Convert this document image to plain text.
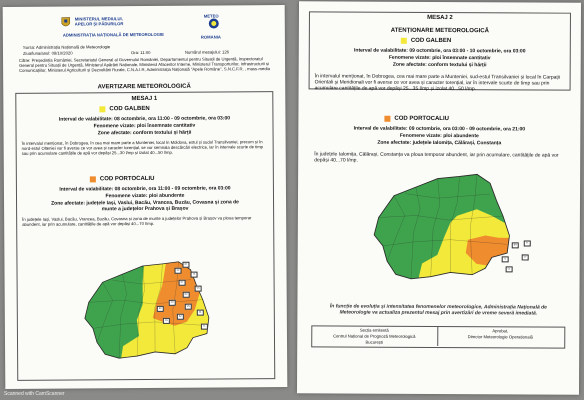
MINISTERUL MEDIULUI, APELOR ȘI PĂDURILOR
ADMINISTRAȚIA NAȚIONALĂ DE METEOROLOGIE
METEO
ROMANIA
Sursa: Administrația Națională de Meteorologie
Ziua/luna/anul: 08/10/2020	Ora: 11:00	Numărul mesajului: 126
Către: Președinția României, Secretariatul General al Guvernului României, Departamentul pentru Situații de Urgență, Inspectoratul General pentru Situații de Urgență, Ministerul Apărării Naționale, Ministerul Afacerilor Interne, Ministerul Transporturilor, Infrastructurii și Comunicațiilor, Ministerul Agriculturii și Dezvoltării Rurale, C.N.A.I.R, Administrația Națională "Apele Române", S.N.C.F.R. , mass-media
AVERTIZARE METEOROLOGICĂ
MESAJ 1
COD GALBEN
Interval de valabilitate: 08 octombrie, ora 11:00 - 09 octombrie, ora 03:00
Fenomene vizate: ploi însemnate cantitativ
Zone afectate: conform textului și hărții
În intervalul menționat, în Dobrogea, în cea mai mare parte a Munteniei, local în Moldova, estul și sudul Transilvaniei, precum și în nord-estul Olteniei vor fi averse ce vor avea și caracter torențial, se vor semnala descărcări electrice, iar în intervale scurte de timp sau prin acumulare cantitățile de apă vor depăși 25...30 l/mp și izolat 40...50 l/mp.
COD PORTOCALIU
Interval de valabilitate: 08 octombrie, ora 11:00 - 09 octombrie, ora 03:00
Fenomene vizate: ploi abundente
Zone afectate: județele Iași, Vaslui, Bacău, Vrancea, Buzău, Covasna și zona de munte a județelor Prahova și Brașov
În județele Iași, Vaslui, Bacău, Vrancea, Buzău, Covasna și zona de munte a județelor Prahova și Brașov va ploua temporar abundent, iar prin acumulare, cantitățile de apă vor depăși 40...70 l/mp.
SV
BT
IS
NT
VS
BC
VN
GL
BZ
TL
CV
BV
PH
MESAJ 2
ATENȚIONARE METEOROLOGICĂ
COD GALBEN
Interval de valabilitate: 09 octombrie, ora 03:00 - 10 octombrie, ora 03:00
Fenomene vizate: ploi însemnate cantitativ
Zone afectate: conform textului și hărții
În intervalul menționat, în Dobrogea, cea mai mare parte a Munteniei, sud-estul Transilvaniei și local în Carpații Orientali și Meridionali vor fi averse ce vor avea și caracter torențial, iar în intervale scurte de timp sau prin acumulare cantitățile de apă vor depăși 25...35 l/mp și izolat 40...50 l/mp.
COD PORTOCALIU
Interval de valabilitate: 09 octombrie, ora 03:00 - 09 octombrie, ora 21:00
Fenomene vizate: ploi abundente
Zone afectate: județele Ialomița, Călărași, Constanța
În județele Ialomița, Călărași, Constanța va ploua temporar abundent, iar prin acumulare, cantitățile de apă vor depăși 40...70 l/mp.
CT
IL
CL
TL
BR
În funcție de evoluția și intensitatea fenomenelor meteorologice, Administrația Națională de Meteorologie va actualiza prezentul mesaj prin avertizări de vreme severă imediată.
Secția emitentă
Centrul Național de Prognoză Meteorologică
București
Aprobat,
Director Meteorologie Operațională
Scanned with CamScanner
